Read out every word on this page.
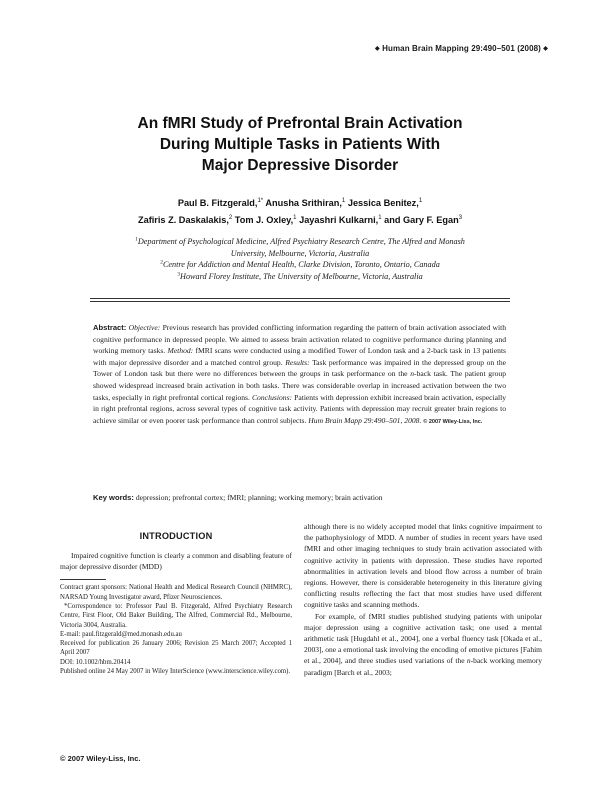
◆ Human Brain Mapping 29:490–501 (2008) ◆
An fMRI Study of Prefrontal Brain Activation
During Multiple Tasks in Patients With
Major Depressive Disorder
Paul B. Fitzgerald,$^{1*}$ Anusha Srithiran,$^1$ Jessica Benitez,$^1$
Zafiris Z. Daskalakis,$^2$ Tom J. Oxley,$^1$ Jayashri Kulkarni,$^1$ and Gary F. Egan$^3$
$^1$Department of Psychological Medicine, Alfred Psychiatry Research Centre, The Alfred and Monash
University, Melbourne, Victoria, Australia
$^2$Centre for Addiction and Mental Health, Clarke Division, Toronto, Ontario, Canada
$^3$Howard Florey Institute, The University of Melbourne, Victoria, Australia
Abstract: Objective: Previous research has provided conflicting information regarding the pattern of brain activation associated with cognitive performance in depressed people. We aimed to assess brain activation related to cognitive performance during planning and working memory tasks. Method: fMRI scans were conducted using a modified Tower of London task and a 2-back task in 13 patients with major depressive disorder and a matched control group. Results: Task performance was impaired in the depressed group on the Tower of London task but there were no differences between the groups in task performance on the n-back task. The patient group showed widespread increased brain activation in both tasks. There was considerable overlap in increased activation between the two tasks, especially in right prefrontal cortical regions. Conclusions: Patients with depression exhibit increased brain activation, especially in right prefrontal regions, across several types of cognitive task activity. Patients with depression may recruit greater brain regions to achieve similar or even poorer task performance than control subjects. Hum Brain Mapp 29:490–501, 2008. © 2007 Wiley-Liss, Inc.
Key words: depression; prefrontal cortex; fMRI; planning; working memory; brain activation
INTRODUCTION

Impaired cognitive function is clearly a common and disabling feature of major depressive disorder (MDD)

Contract grant sponsors: National Health and Medical Research Council (NHMRC), NARSAD Young Investigator award, Pfizer Neurosciences.

*Correspondence to: Professor Paul B. Fitzgerald, Alfred Psychiatry Research Centre, First Floor, Old Baker Building, The Alfred, Commercial Rd., Melbourne, Victoria 3004, Australia.

E-mail: paul.fitzgerald@med.monash.edu.au

Received for publication 26 January 2006; Revision 25 March 2007; Accepted 1 April 2007

DOI: 10.1002/hbm.20414

Published online 24 May 2007 in Wiley InterScience (www.interscience.wiley.com).

although there is no widely accepted model that links cognitive impairment to the pathophysiology of MDD. A number of studies in recent years have used fMRI and other imaging techniques to study brain activation associated with cognitive activity in patients with depression. These studies have reported abnormalities in activation levels and blood flow across a number of brain regions. However, there is considerable heterogeneity in this literature giving conflicting results reflecting the fact that most studies have used different cognitive tasks and scanning methods.

For example, of fMRI studies published studying patients with unipolar major depression using a cognitive activation task; one used a mental arithmetic task [Hugdahl et al., 2004], one a verbal fluency task [Okada et al., 2003], one a emotional task involving the encoding of emotive pictures [Fahim et al., 2004], and three studies used variations of the n-back working memory paradigm [Barch et al., 2003;

© 2007 Wiley-Liss, Inc.
